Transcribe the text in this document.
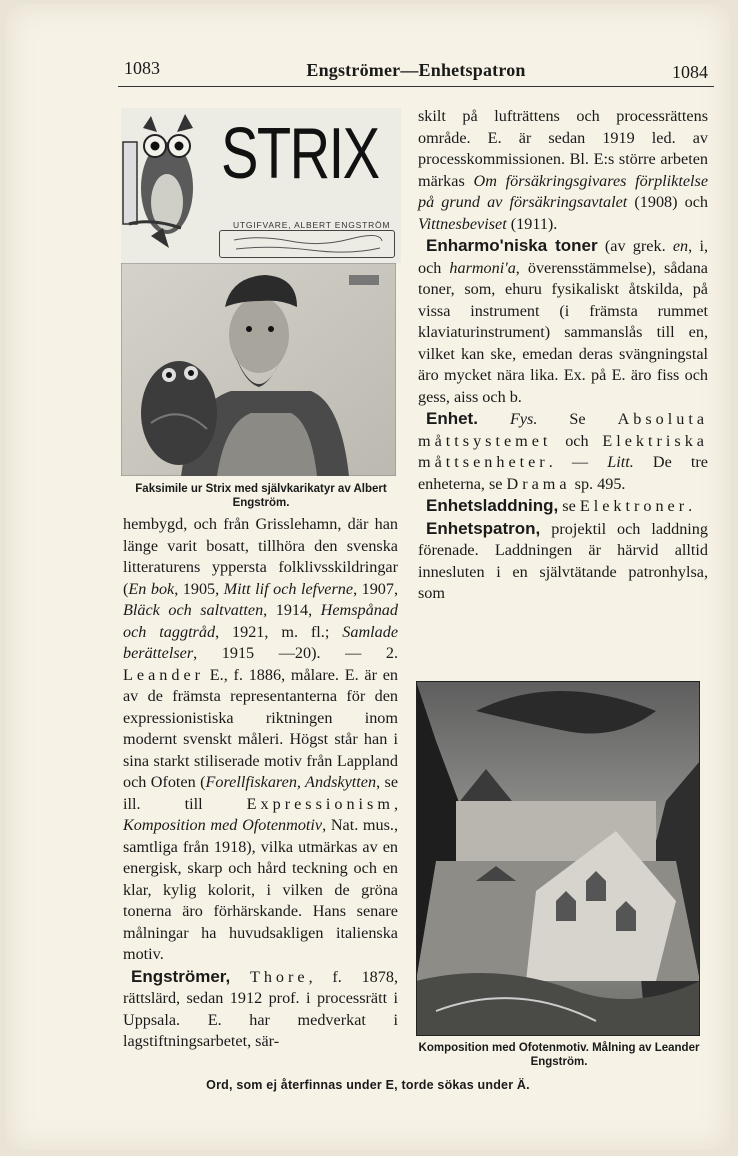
1083	Engströmer—Enhetspatron	1084
STRIX
UTGIFVARE, ALBERT ENGSTRÖM
Faksimile ur Strix med självkarikatyr av Albert Engström.

hembygd, och från Grisslehamn, där han länge varit bosatt, tillhöra den svenska litteraturens yppersta folklivsskildringar (En bok, 1905, Mitt lif och lefverne, 1907, Bläck och saltvatten, 1914, Hemspånad och taggtråd, 1921, m. fl.; Samlade berättelser, 1915 —20). — 2. Leander E., f. 1886, målare. E. är en av de främsta representanterna för den expressionistiska riktningen inom modernt svenskt måleri. Högst står han i sina starkt stiliserade motiv från Lappland och Ofoten (Forellfiskaren, Andskytten, se ill. till Expressionism, Komposition med Ofotenmotiv, Nat. mus., samtliga från 1918), vilka utmärkas av en energisk, skarp och hård teckning och en klar, kylig kolorit, i vilken de gröna tonerna äro förhärskande. Hans senare målningar ha huvudsakligen italienska motiv.

Engströmer, Thore, f. 1878, rättslärd, sedan 1912 prof. i processrätt i Uppsala. E. har medverkat i lagstiftningsarbetet, sär-

skilt på lufträttens och processrättens område. E. är sedan 1919 led. av processkommissionen. Bl. E:s större arbeten märkas Om försäkringsgivares förpliktelse på grund av försäkringsavtalet (1908) och Vittnesbeviset (1911).

Enharmo'niska toner (av grek. en, i, och harmoni'a, överensstämmelse), sådana toner, som, ehuru fysikaliskt åtskilda, på vissa instrument (i främsta rummet klaviaturinstrument) sammanslås till en, vilket kan ske, emedan deras svängningstal äro mycket nära lika. Ex. på E. äro fiss och gess, aiss och b.

Enhet. Fys. Se Absoluta måttsystemet och Elektriska måttsenheter. — Litt. De tre enheterna, se Drama sp. 495.

Enhetsladdning, se Elektroner.

Enhetspatron, projektil och laddning förenade. Laddningen är härvid alltid innesluten i en självtätande patronhylsa, som

Komposition med Ofotenmotiv. Målning av Leander Engström.
Ord, som ej återfinnas under E, torde sökas under Ä.
